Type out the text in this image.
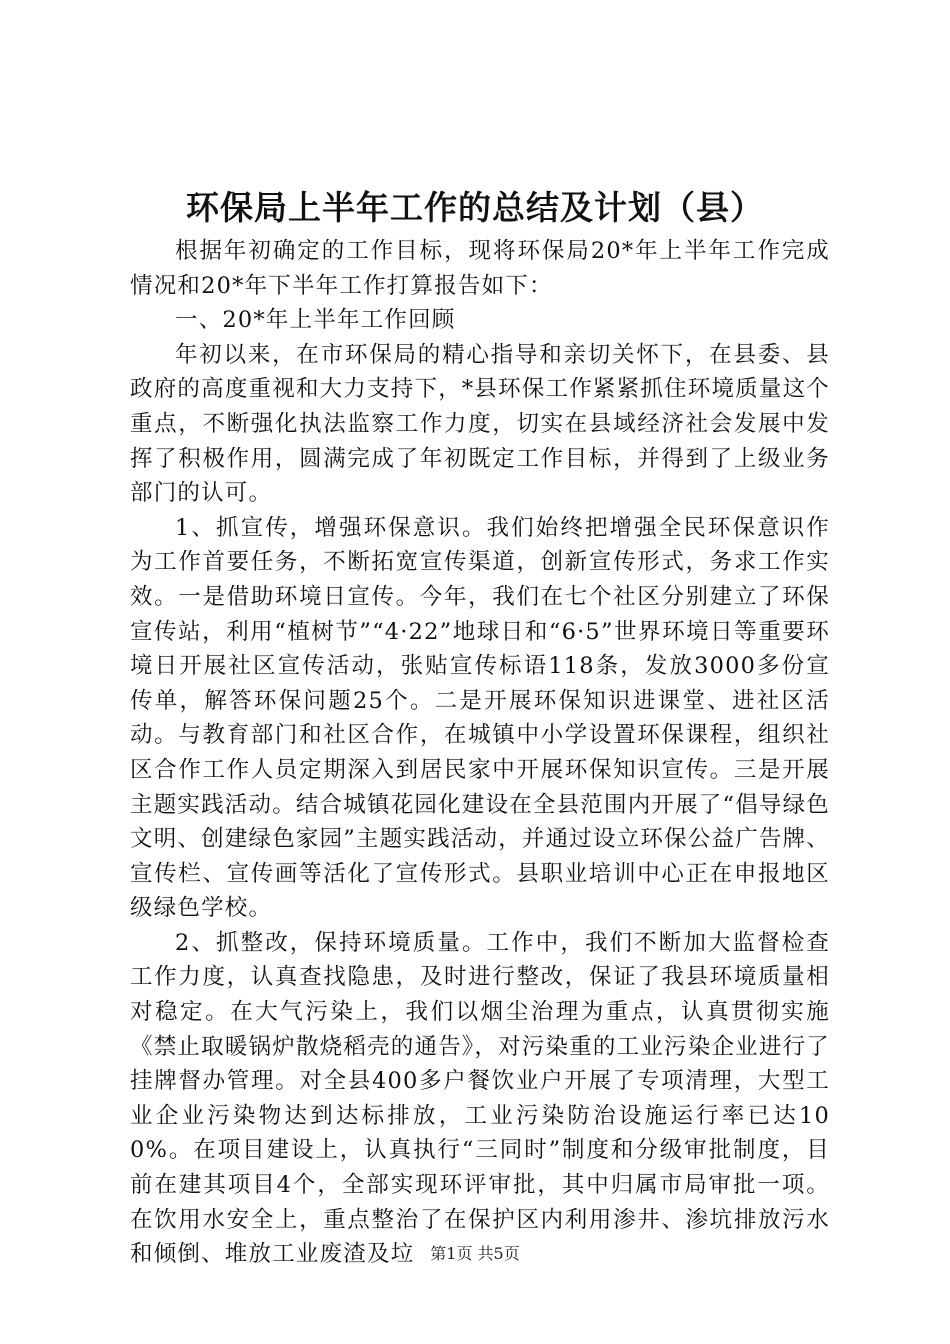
环保局上半年工作的总结及计划（县）

根据年初确定的工作目标，现将环保局20*年上半年工作完成情况和20*年下半年工作打算报告如下：

一、20*年上半年工作回顾

年初以来，在市环保局的精心指导和亲切关怀下，在县委、县政府的高度重视和大力支持下，*县环保工作紧紧抓住环境质量这个重点，不断强化执法监察工作力度，切实在县域经济社会发展中发挥了积极作用，圆满完成了年初既定工作目标，并得到了上级业务部门的认可。

1、抓宣传，增强环保意识。我们始终把增强全民环保意识作为工作首要任务，不断拓宽宣传渠道，创新宣传形式，务求工作实效。一是借助环境日宣传。今年，我们在七个社区分别建立了环保宣传站，利用“植树节”“4·22”地球日和“6·5”世界环境日等重要环境日开展社区宣传活动，张贴宣传标语118条，发放3000多份宣传单，解答环保问题25个。二是开展环保知识进课堂、进社区活动。与教育部门和社区合作，在城镇中小学设置环保课程，组织社区合作工作人员定期深入到居民家中开展环保知识宣传。三是开展主题实践活动。结合城镇花园化建设在全县范围内开展了“倡导绿色文明、创建绿色家园”主题实践活动，并通过设立环保公益广告牌、宣传栏、宣传画等活化了宣传形式。县职业培训中心正在申报地区级绿色学校。

2、抓整改，保持环境质量。工作中，我们不断加大监督检查工作力度，认真查找隐患，及时进行整改，保证了我县环境质量相对稳定。在大气污染上，我们以烟尘治理为重点，认真贯彻实施《禁止取暖锅炉散烧稻壳的通告》，对污染重的工业污染企业进行了挂牌督办管理。对全县400多户餐饮业户开展了专项清理，大型工业企业污染物达到达标排放，工业污染防治设施运行率已达100%。在项目建设上，认真执行“三同时”制度和分级审批制度，目前在建其项目4个，全部实现环评审批，其中归属市局审批一项。在饮用水安全上，重点整治了在保护区内利用渗井、渗坑排放污水和倾倒、堆放工业废渣及垃 第1页 共5页
